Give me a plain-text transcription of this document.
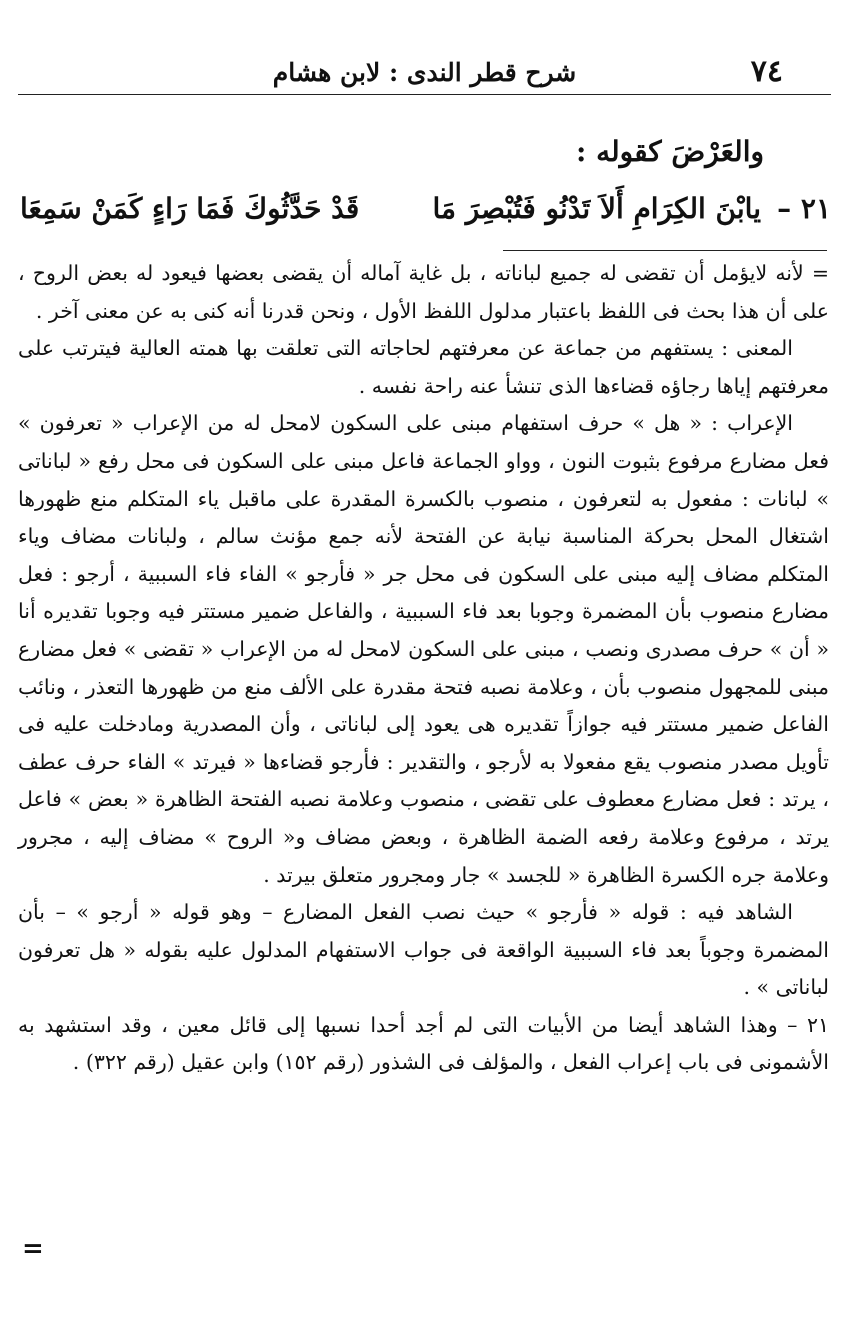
٧٤
شرح قطر الندى : لابن هشام
والعَرْضَ كقوله :
٢١ –
يابْنَ الكِرَامِ أَلاَ تَدْنُو فَتُبْصِرَ مَا
قَدْ حَدَّثُوكَ فَمَا رَاءٍ كَمَنْ سَمِعَا

= لأنه لايؤمل أن تقضى له جميع لباناته ، بل غاية آماله أن يقضى بعضها فيعود له بعض الروح ، على أن هذا بحث فى اللفظ باعتبار مدلول اللفظ الأول ، ونحن قدرنا أنه كنى به عن معنى آخر .

المعنى : يستفهم من جماعة عن معرفتهم لحاجاته التى تعلقت بها همته العالية فيترتب على معرفتهم إياها رجاؤه قضاءها الذى تنشأ عنه راحة نفسه .

الإعراب : « هل » حرف استفهام مبنى على السكون لامحل له من الإعراب « تعرفون » فعل مضارع مرفوع بثبوت النون ، وواو الجماعة فاعل مبنى على السكون فى محل رفع « لباناتى » لبانات : مفعول به لتعرفون ، منصوب بالكسرة المقدرة على ماقبل ياء المتكلم منع ظهورها اشتغال المحل بحركة المناسبة نيابة عن الفتحة لأنه جمع مؤنث سالم ، ولبانات مضاف وياء المتكلم مضاف إليه مبنى على السكون فى محل جر « فأرجو » الفاء فاء السببية ، أرجو : فعل مضارع منصوب بأن المضمرة وجوبا بعد فاء السببية ، والفاعل ضمير مستتر فيه وجوبا تقديره أنا « أن » حرف مصدرى ونصب ، مبنى على السكون لامحل له من الإعراب « تقضى » فعل مضارع مبنى للمجهول منصوب بأن ، وعلامة نصبه فتحة مقدرة على الألف منع من ظهورها التعذر ، ونائب الفاعل ضمير مستتر فيه جوازاً تقديره هى يعود إلى لباناتى ، وأن المصدرية ومادخلت عليه فى تأويل مصدر منصوب يقع مفعولا به لأرجو ، والتقدير : فأرجو قضاءها « فيرتد » الفاء حرف عطف ، يرتد : فعل مضارع معطوف على تقضى ، منصوب وعلامة نصبه الفتحة الظاهرة « بعض » فاعل يرتد ، مرفوع وعلامة رفعه الضمة الظاهرة ، وبعض مضاف و« الروح » مضاف إليه ، مجرور وعلامة جره الكسرة الظاهرة « للجسد » جار ومجرور متعلق بيرتد .

الشاهد فيه : قوله « فأرجو » حيث نصب الفعل المضارع – وهو قوله « أرجو » – بأن المضمرة وجوباً بعد فاء السببية الواقعة فى جواب الاستفهام المدلول عليه بقوله « هل تعرفون لباناتى » .

٢١ – وهذا الشاهد أيضا من الأبيات التى لم أجد أحدا نسبها إلى قائل معين ، وقد استشهد به الأشمونى فى باب إعراب الفعل ، والمؤلف فى الشذور (رقم ١٥٢) وابن عقيل (رقم ٣٢٢) .

=
